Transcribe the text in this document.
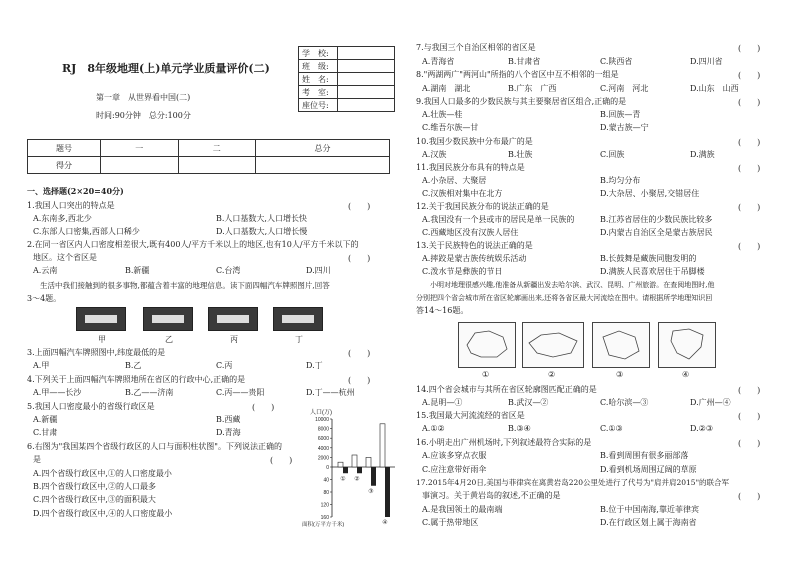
RJ　8年级地理(上)单元学业质量评价(二)
第一章　从世界看中国(二)
时间:90分钟　总分:100分
学　校:	
班　级:	
姓　名:	
考　室:	
座位号:	
题号	一	二	总分
得分			
一、选择题(2×20=40分)
1.我国人口突出的特点是	(　　)
A.东南多,西北少	B.人口基数大,人口增长快
C.东部人口密集,西部人口稀少	D.人口基数大,人口增长慢
2.在同一省区内人口密度相差很大,既有400人/平方千米以上的地区,也有10人/平方千米以下的
地区。这个省区是	(　　)
A.云南	B.新疆	C.台湾	D.四川
生活中我们接触到的很多事物,都蕴含着丰富的地理信息。读下面四幅汽车牌照图片,回答
3～4题。
甲	乙	丙	丁
3.上面四幅汽车牌照图中,纬度最低的是	(　　)
A.甲	B.乙	C.丙	D.丁
4.下列关于上面四幅汽车牌照地所在省区的行政中心,正确的是	(　　)
A.甲——长沙	B.乙——济南	C.丙——贵阳	D.丁——杭州
5.我国人口密度最小的省级行政区是	(　　)
A.新疆	B.西藏
C.甘肃	D.青海
6.右图为"我国某四个省级行政区的人口与面积柱状图"。下列说法正确的
是	(　　)
A.四个省级行政区中,①的人口密度最小
B.四个省级行政区中,②的人口最多
C.四个省级行政区中,③的面积最大
D.四个省级行政区中,④的人口密度最小
人口(万)
10000
8000
6000
4000
2000
0
40
80
120
160
① ②
③
④
面积(万平方千米)
7.与我国三个自治区相邻的省区是	(　　)
A.青海省	B.甘肃省	C.陕西省	D.四川省
8."两湖两广"两河山"所指的八个省区中互不相邻的一组是	(　　)
A.湖南　湖北	B.广东　广西	C.河南　河北	D.山东　山西
9.我国人口最多的少数民族与其主要聚居省区组合,正确的是	(　　)
A.壮族—桂	B.回族—青
C.维吾尔族—甘	D.蒙古族—宁
10.我国少数民族中分布最广的是	(　　)
A.汉族	B.壮族	C.回族	D.满族
11.我国民族分布具有的特点是	(　　)
A.小杂居、大聚居	B.均匀分布
C.汉族相对集中在北方	D.大杂居、小聚居,交错居住
12.关于我国民族分布的说法正确的是	(　　)
A.我国没有一个县或市的居民是单一民族的	B.江苏省居住的少数民族比较多
C.西藏地区没有汉族人居住	D.内蒙古自治区全是蒙古族居民
13.关于民族特色的说法正确的是	(　　)
A.摔跤是蒙古族传统娱乐活动	B.长鼓舞是藏族同胞发明的
C.泼水节是彝族的节日	D.满族人民喜欢居住于吊脚楼
小明对地理很感兴趣,他准备从新疆出发去哈尔滨、武汉、昆明、广州旅游。在查阅地图时,他
分别把四个省会城市所在省区轮廓画出来,还将各省区最大河流绘在图中。请根据所学地理知识回
答14～16题。
①	②	③	④
14.四个省会城市与其所在省区轮廓图匹配正确的是	(　　)
A.昆明—①	B.武汉—②	C.哈尔滨—③	D.广州—④
15.我国最大河流流经的省区是	(　　)
A.①②	B.③④	C.①③	D.②③
16.小明走出广州机场时,下列叙述最符合实际的是	(　　)
A.应该多穿点衣服	B.看到周围有很多丽部落
C.应注意带好雨伞	D.看到机场周围辽阔的草原
17.2015年4月20日,美国与菲律宾在离黄岩岛220公里处进行了代号为"肩并肩2015"的联合军
事演习。关于黄岩岛的叙述,不正确的是	(　　)
A.是我国领土的最南端	B.位于中国南海,靠近菲律宾
C.属于热带地区	D.在行政区划上属于海南省
